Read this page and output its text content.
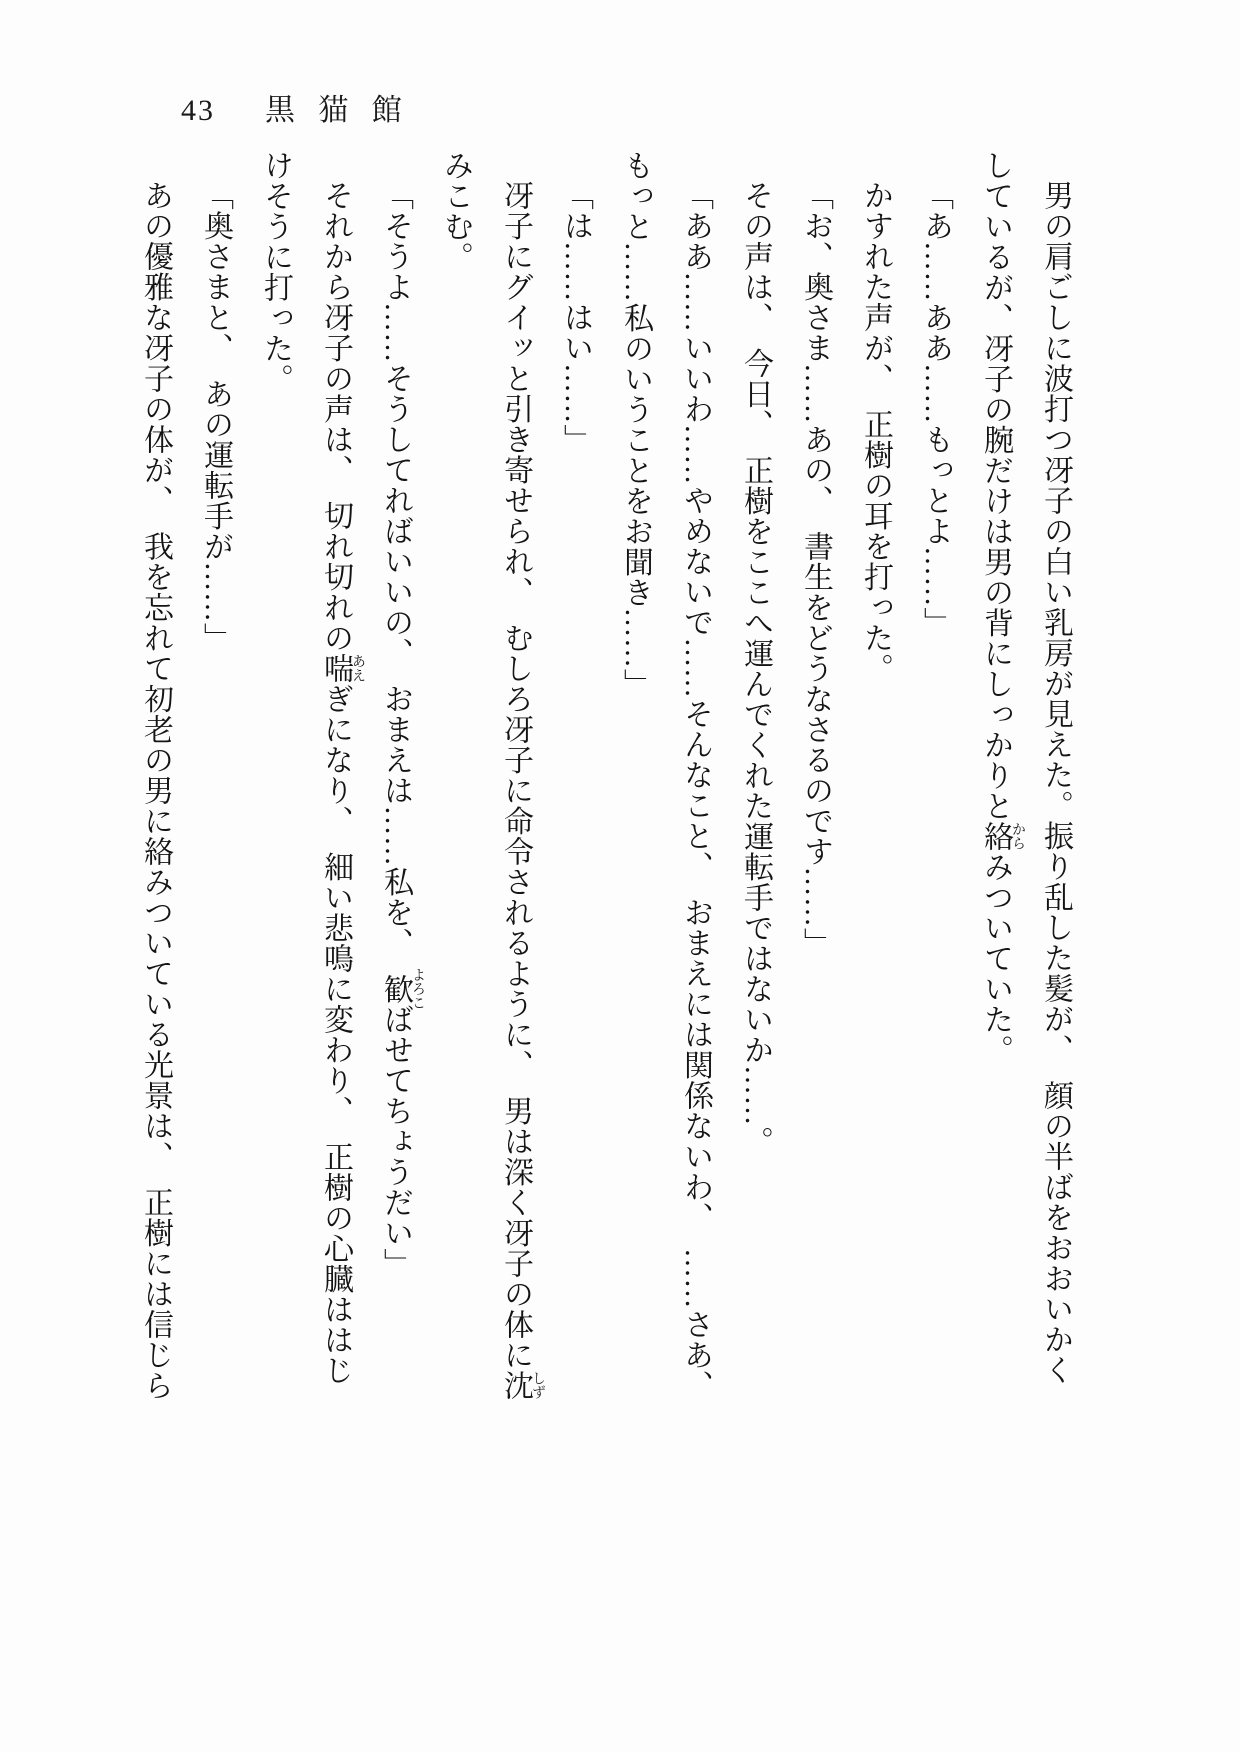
43 黒猫館

男の肩ごしに波打つ冴子の白い乳房が見えた。振り乱した髪が、 顔の半ばをおおいかくしているが、冴子の腕だけは男の背にしっかりと絡からみついていた。

「あ……ああ……もっとよ……」

かすれた声が、 正樹の耳を打った。

「お、奥さま……あの、 書生をどうなさるのです……」

その声は、 今日、 正樹をここへ運んでくれた運転手ではないか……。

「ああ……いいわ……やめないで……そんなこと、 おまえには関係ないわ、 ……さあ、もっと……私のいうことをお聞き……」

「は……はい……」

冴子にグイッと引き寄せられ、 むしろ冴子に命令されるように、 男は深く冴子の体に沈しずみこむ。

「そうよ……そうしてればいいの、 おまえは……私を、 歓よろこばせてちょうだい」

それから冴子の声は、 切れ切れの喘あえぎになり、 細い悲鳴に変わり、 正樹の心臓ははじけそうに打った。

「奥さまと、 あの運転手が……」

あの優雅な冴子の体が、 我を忘れて初老の男に絡みついている光景は、 正樹には信じら
